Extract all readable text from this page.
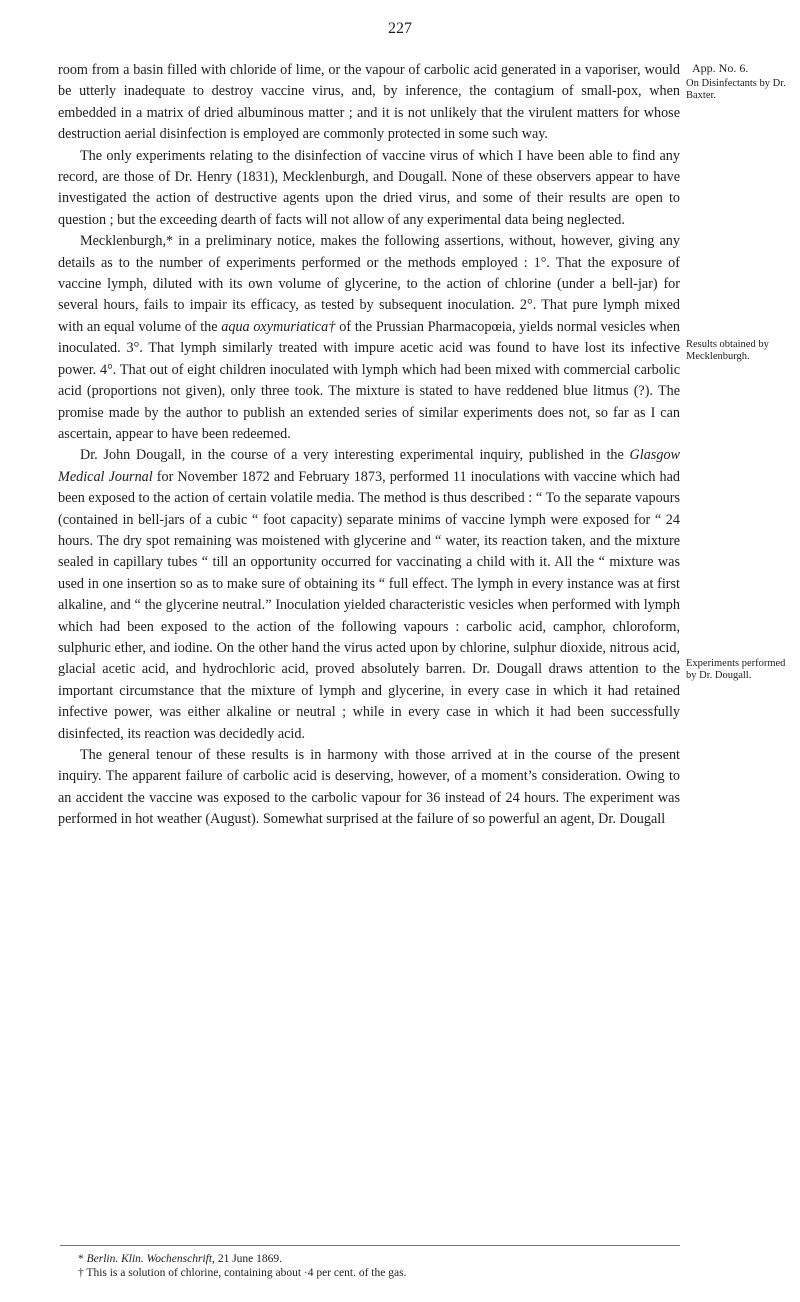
227
App. No. 6.
On Disinfectants by Dr. Baxter.
Results obtained by Mecklenburgh.
Experiments performed by Dr. Dougall.

room from a basin filled with chloride of lime, or the vapour of carbolic acid generated in a vaporiser, would be utterly inadequate to destroy vaccine virus, and, by inference, the contagium of small-pox, when embedded in a matrix of dried albuminous matter ; and it is not unlikely that the virulent matters for whose destruction aerial disinfection is employed are commonly protected in some such way.

The only experiments relating to the disinfection of vaccine virus of which I have been able to find any record, are those of Dr. Henry (1831), Mecklenburgh, and Dougall. None of these observers appear to have investigated the action of destructive agents upon the dried virus, and some of their results are open to question ; but the exceeding dearth of facts will not allow of any experimental data being neglected.

Mecklenburgh,* in a preliminary notice, makes the following assertions, without, however, giving any details as to the number of experiments performed or the methods employed : 1°. That the exposure of vaccine lymph, diluted with its own volume of glycerine, to the action of chlorine (under a bell-jar) for several hours, fails to impair its efficacy, as tested by subsequent inoculation. 2°. That pure lymph mixed with an equal volume of the aqua oxymuriatica† of the Prussian Pharmacopœia, yields normal vesicles when inoculated. 3°. That lymph similarly treated with impure acetic acid was found to have lost its infective power. 4°. That out of eight children inoculated with lymph which had been mixed with commercial carbolic acid (proportions not given), only three took. The mixture is stated to have reddened blue litmus (?). The promise made by the author to publish an extended series of similar experiments does not, so far as I can ascertain, appear to have been redeemed.

Dr. John Dougall, in the course of a very interesting experimental inquiry, published in the Glasgow Medical Journal for November 1872 and February 1873, performed 11 inoculations with vaccine which had been exposed to the action of certain volatile media. The method is thus described : “ To the separate vapours (contained in bell-jars of a cubic “ foot capacity) separate minims of vaccine lymph were exposed for “ 24 hours. The dry spot remaining was moistened with glycerine and “ water, its reaction taken, and the mixture sealed in capillary tubes “ till an opportunity occurred for vaccinating a child with it. All the “ mixture was used in one insertion so as to make sure of obtaining its “ full effect. The lymph in every instance was at first alkaline, and “ the glycerine neutral.” Inoculation yielded characteristic vesicles when performed with lymph which had been exposed to the action of the following vapours : carbolic acid, camphor, chloroform, sulphuric ether, and iodine. On the other hand the virus acted upon by chlorine, sulphur dioxide, nitrous acid, glacial acetic acid, and hydrochloric acid, proved absolutely barren. Dr. Dougall draws attention to the important circumstance that the mixture of lymph and glycerine, in every case in which it had retained infective power, was either alkaline or neutral ; while in every case in which it had been successfully disinfected, its reaction was decidedly acid.

The general tenour of these results is in harmony with those arrived at in the course of the present inquiry. The apparent failure of carbolic acid is deserving, however, of a moment’s consideration. Owing to an accident the vaccine was exposed to the carbolic vapour for 36 instead of 24 hours. The experiment was performed in hot weather (August). Somewhat surprised at the failure of so powerful an agent, Dr. Dougall

* Berlin. Klin. Wochenschrift, 21 June 1869.
† This is a solution of chlorine, containing about ·4 per cent. of the gas.
